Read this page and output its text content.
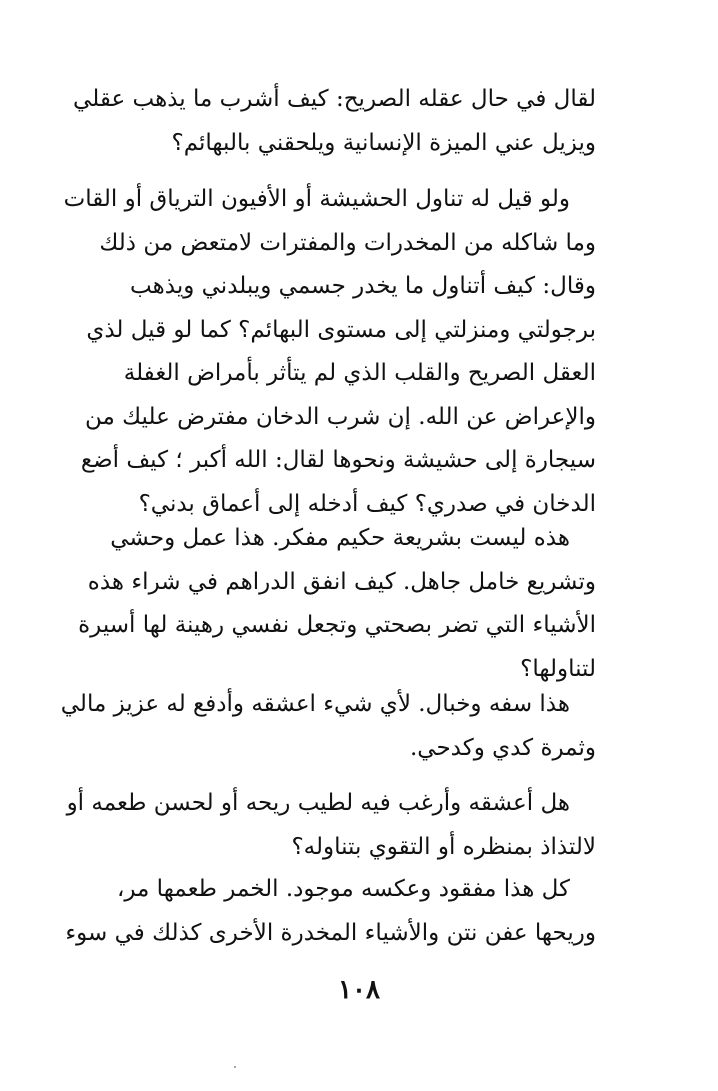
لقال في حال عقله الصريح: كيف أشرب ما يذهب عقلي
ويزيل عني الميزة الإنسانية ويلحقني بالبهائم؟
ولو قيل له تناول الحشيشة أو الأفيون الترياق أو القات
وما شاكله من المخدرات والمفترات لامتعض من ذلك
وقال: كيف أتناول ما يخدر جسمي ويبلدني ويذهب
برجولتي ومنزلتي إلى مستوى البهائم؟ كما لو قيل لذي
العقل الصريح والقلب الذي لم يتأثر بأمراض الغفلة
والإعراض عن الله. إن شرب الدخان مفترض عليك من
سيجارة إلى حشيشة ونحوها لقال: الله أكبر ؛ كيف أضع
الدخان في صدري؟ كيف أدخله إلى أعماق بدني؟
هذه ليست بشريعة حكيم مفكر. هذا عمل وحشي
وتشريع خامل جاهل. كيف انفق الدراهم في شراء هذه
الأشياء التي تضر بصحتي وتجعل نفسي رهينة لها أسيرة
لتناولها؟
هذا سفه وخبال. لأي شيء اعشقه وأدفع له عزيز مالي
وثمرة كدي وكدحي.
هل أعشقه وأرغب فيه لطيب ريحه أو لحسن طعمه أو
لالتذاذ بمنظره أو التقوي بتناوله؟
كل هذا مفقود وعكسه موجود. الخمر طعمها مر،
وريحها عفن نتن والأشياء المخدرة الأخرى كذلك في سوء
١٠٨
